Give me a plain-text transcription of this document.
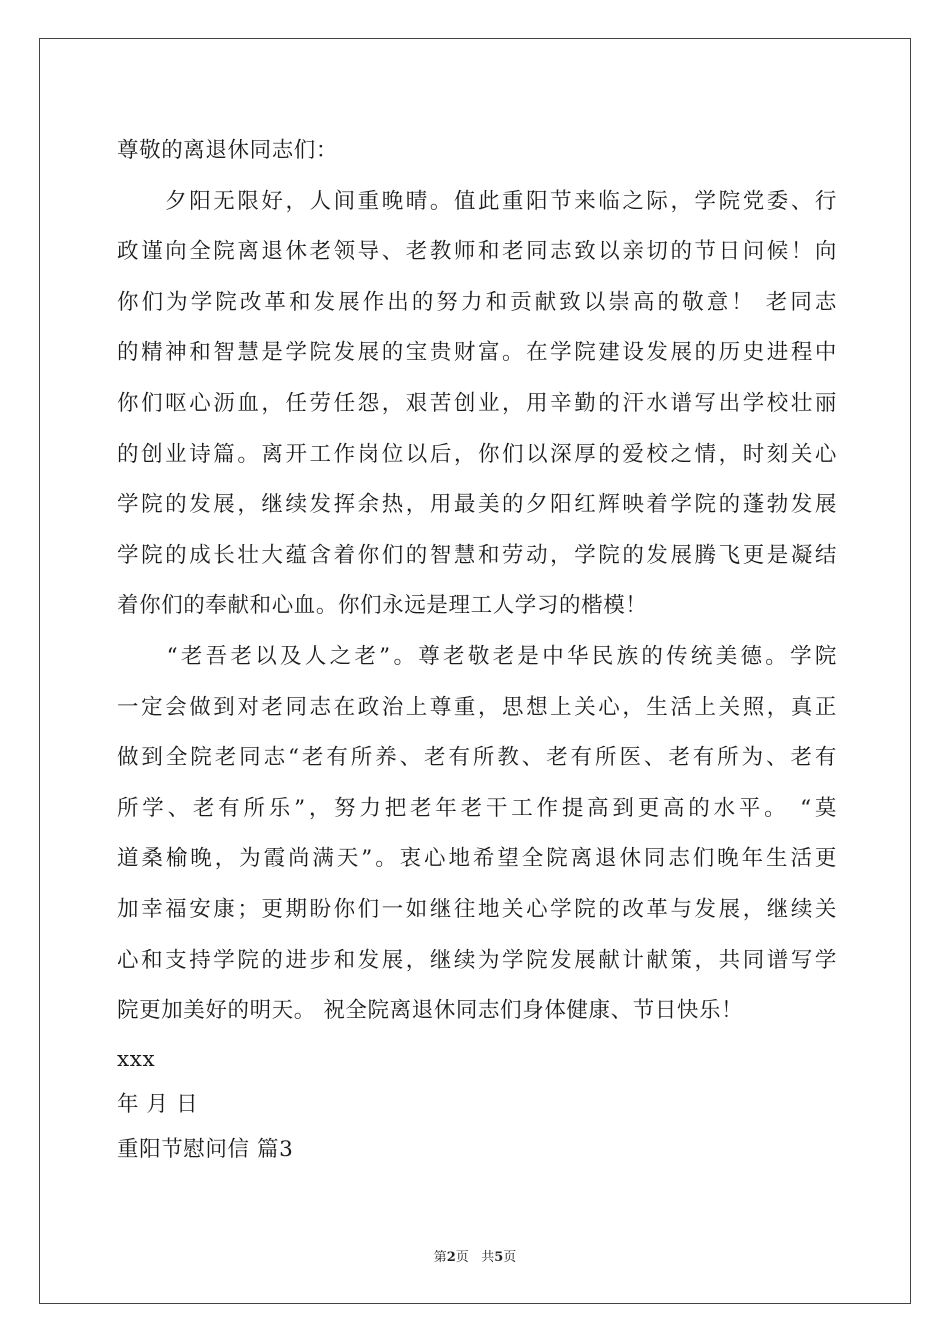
尊敬的离退休同志们：
　　夕阳无限好，人间重晚晴。值此重阳节来临之际，学院党委、行
政谨向全院离退休老领导、老教师和老同志致以亲切的节日问候！向
你们为学院改革和发展作出的努力和贡献致以崇高的敬意！ 老同志
的精神和智慧是学院发展的宝贵财富。在学院建设发展的历史进程中
你们呕心沥血，任劳任怨，艰苦创业，用辛勤的汗水谱写出学校壮丽
的创业诗篇。离开工作岗位以后，你们以深厚的爱校之情，时刻关心
学院的发展，继续发挥余热，用最美的夕阳红辉映着学院的蓬勃发展
学院的成长壮大蕴含着你们的智慧和劳动，学院的发展腾飞更是凝结
着你们的奉献和心血。你们永远是理工人学习的楷模！
　　“老吾老以及人之老”。尊老敬老是中华民族的传统美德。学院
一定会做到对老同志在政治上尊重，思想上关心，生活上关照，真正
做到全院老同志“老有所养、老有所教、老有所医、老有所为、老有
所学、老有所乐”，努力把老年老干工作提高到更高的水平。 “莫
道桑榆晚，为霞尚满天”。衷心地希望全院离退休同志们晚年生活更
加幸福安康；更期盼你们一如继往地关心学院的改革与发展，继续关
心和支持学院的进步和发展，继续为学院发展献计献策，共同谱写学
院更加美好的明天。 祝全院离退休同志们身体健康、节日快乐！
xxx
年 月 日
重阳节慰问信 篇3
第2页 共5页
